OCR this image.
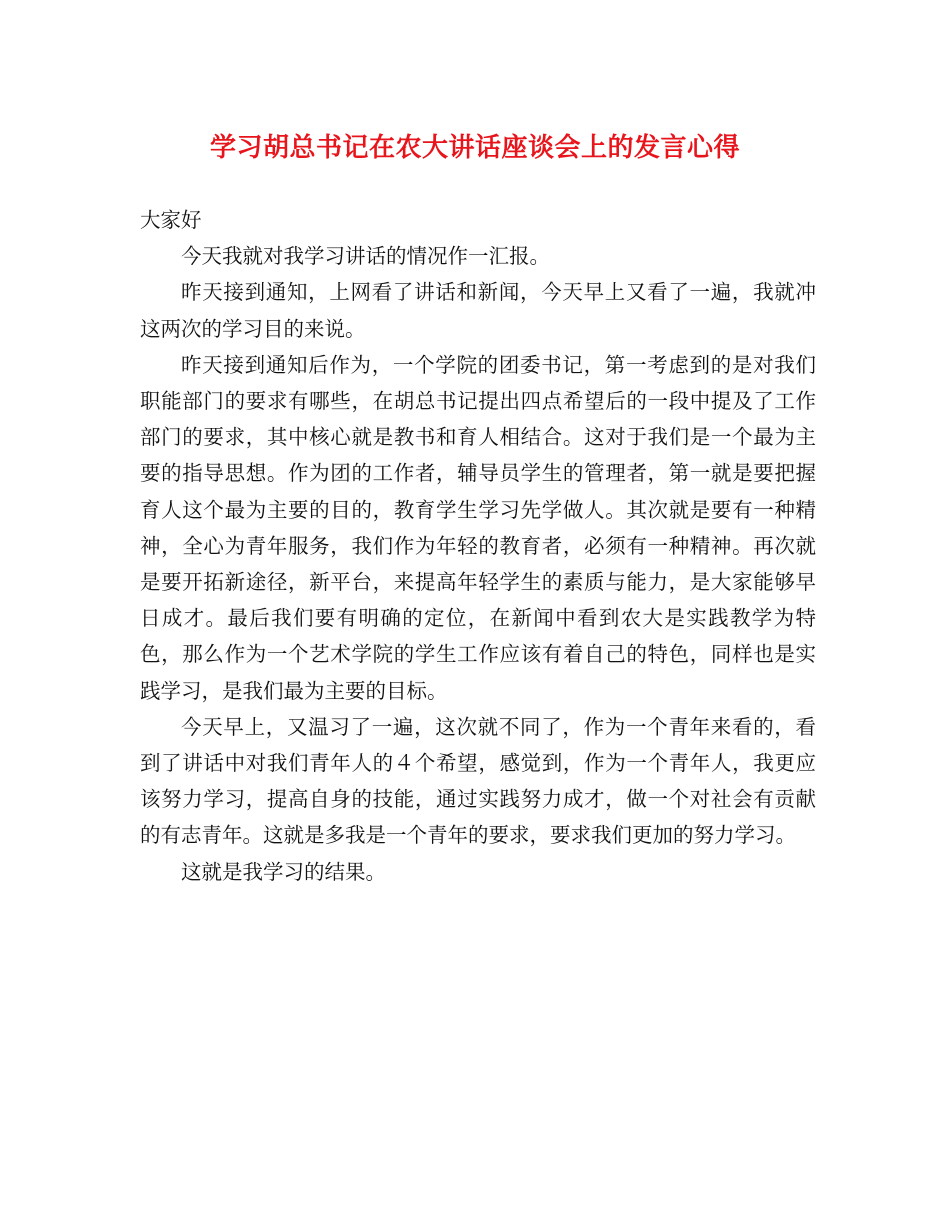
学习胡总书记在农大讲话座谈会上的发言心得

大家好

今天我就对我学习讲话的情况作一汇报。

昨天接到通知，上网看了讲话和新闻，今天早上又看了一遍，我就冲这两次的学习目的来说。

昨天接到通知后作为，一个学院的团委书记，第一考虑到的是对我们职能部门的要求有哪些，在胡总书记提出四点希望后的一段中提及了工作部门的要求，其中核心就是教书和育人相结合。这对于我们是一个最为主要的指导思想。作为团的工作者，辅导员学生的管理者，第一就是要把握育人这个最为主要的目的，教育学生学习先学做人。其次就是要有一种精神，全心为青年服务，我们作为年轻的教育者，必须有一种精神。再次就是要开拓新途径，新平台，来提高年轻学生的素质与能力，是大家能够早日成才。最后我们要有明确的定位，在新闻中看到农大是实践教学为特色，那么作为一个艺术学院的学生工作应该有着自己的特色，同样也是实践学习，是我们最为主要的目标。

今天早上，又温习了一遍，这次就不同了，作为一个青年来看的，看到了讲话中对我们青年人的４个希望，感觉到，作为一个青年人，我更应该努力学习，提高自身的技能，通过实践努力成才，做一个对社会有贡献的有志青年。这就是多我是一个青年的要求，要求我们更加的努力学习。

这就是我学习的结果。
